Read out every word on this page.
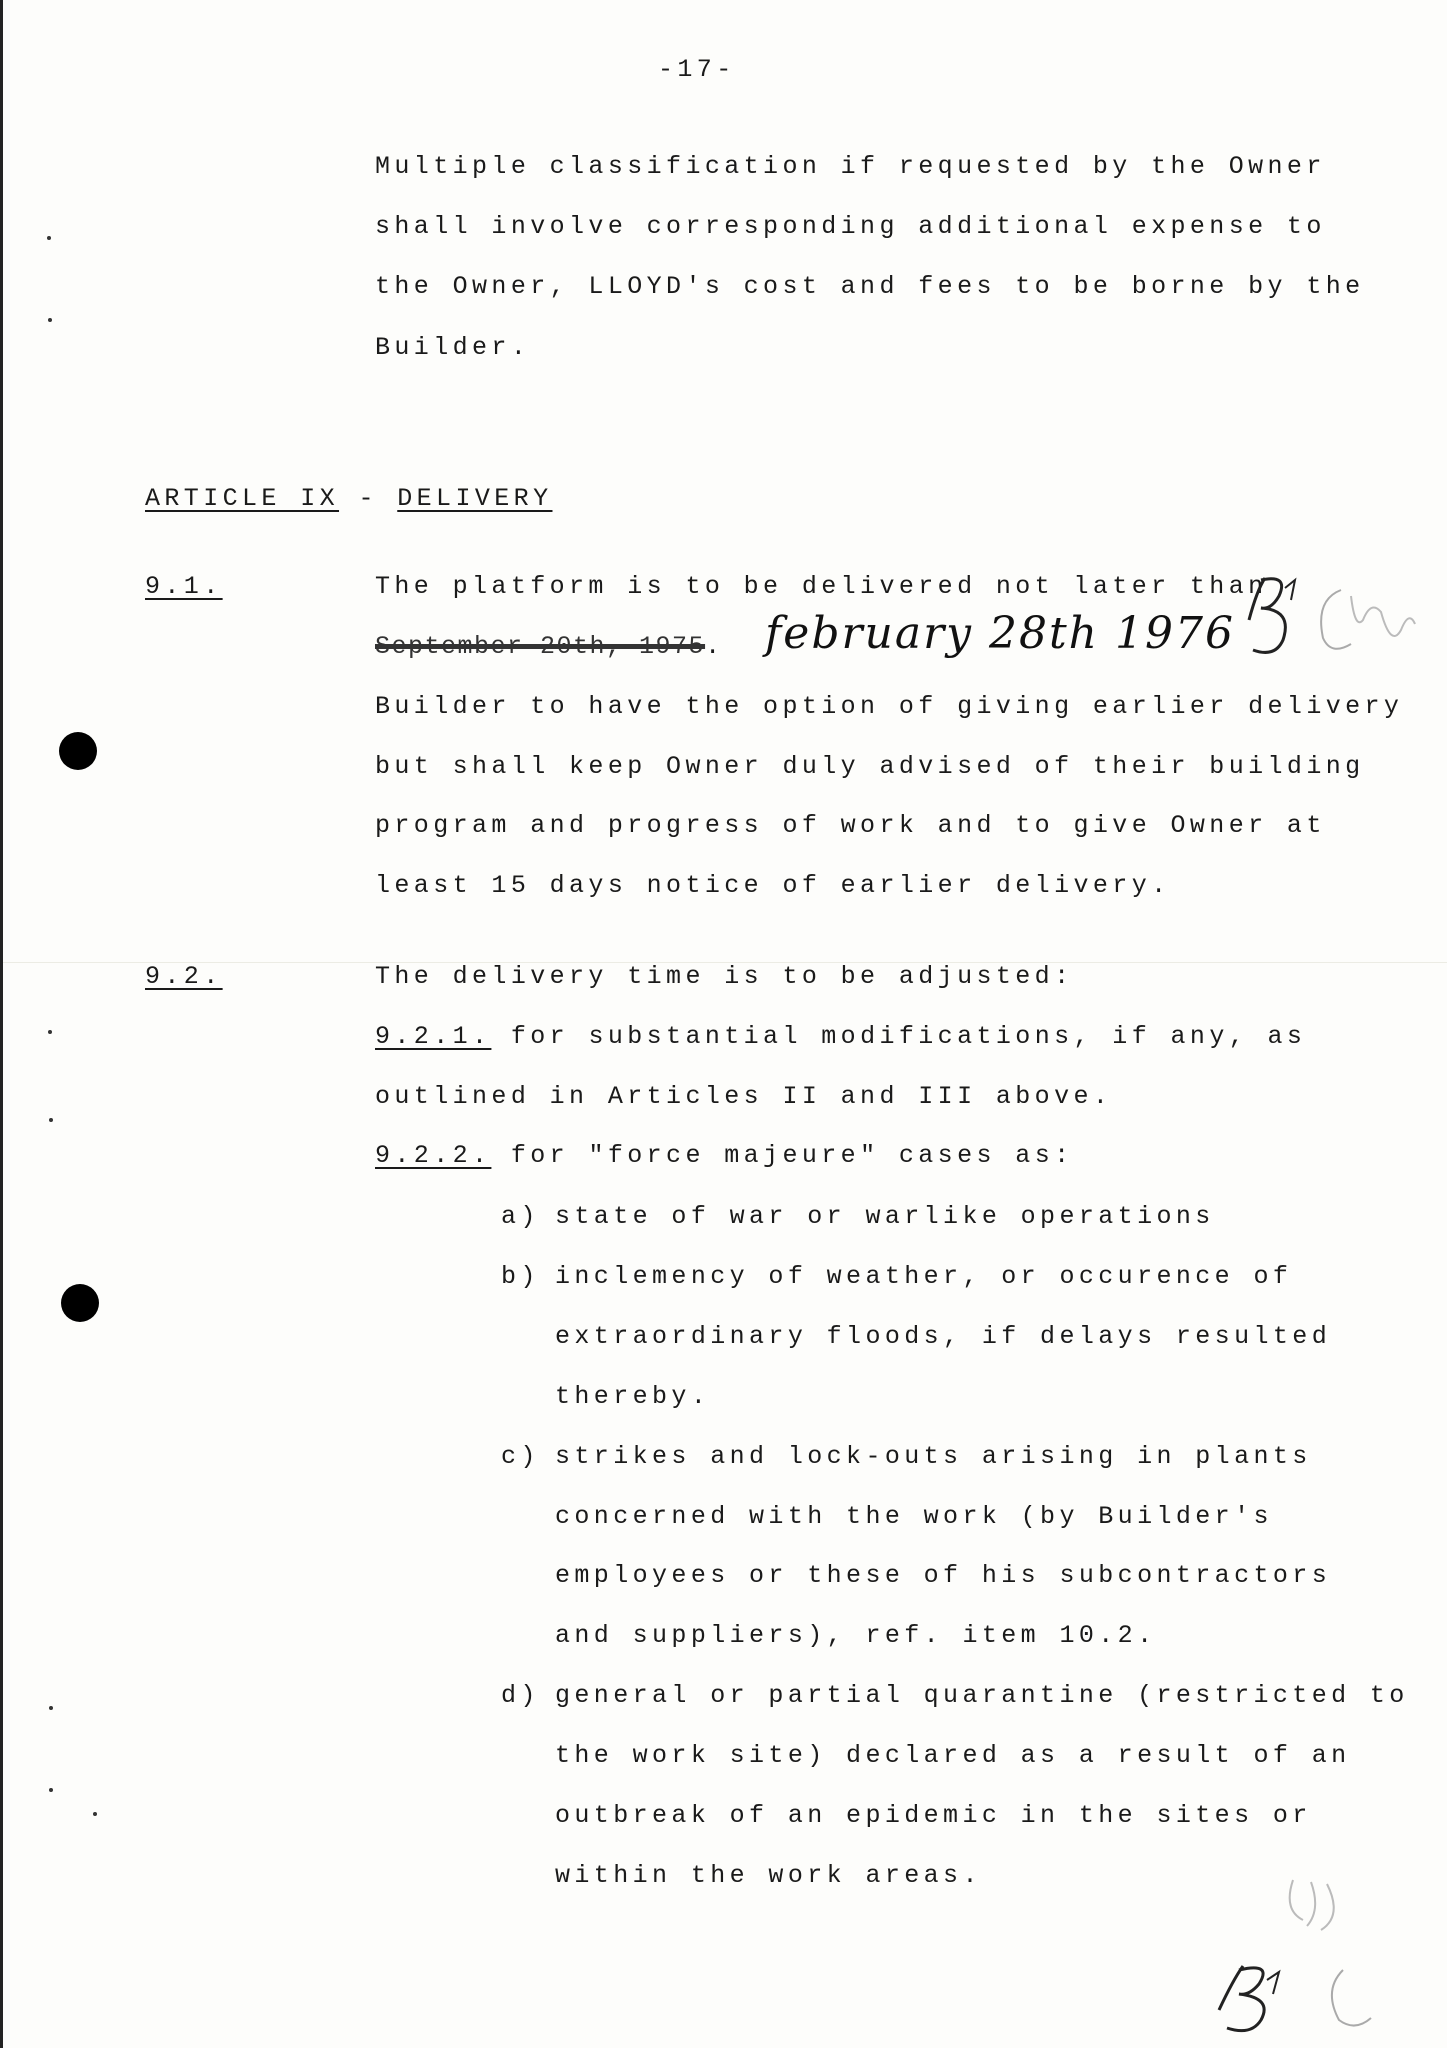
-17-
Multiple classification if requested by the Owner
shall involve corresponding additional expense to
the Owner, LLOYD's cost and fees to be borne by the
Builder.
ARTICLE IX - DELIVERY
9.1.	The platform is to be delivered not later than
September 20th, 1975. february 28th 1976
Builder to have the option of giving earlier delivery
but shall keep Owner duly advised of their building
program and progress of work and to give Owner at
least 15 days notice of earlier delivery.
9.2.	The delivery time is to be adjusted:
9.2.1. for substantial modifications, if any, as
outlined in Articles II and III above.
9.2.2. for "force majeure" cases as:
a) state of war or warlike operations
b) inclemency of weather, or occurence of
extraordinary floods, if delays resulted
thereby.
c) strikes and lock-outs arising in plants
concerned with the work (by Builder's
employees or these of his subcontractors
and suppliers), ref. item 10.2.
d) general or partial quarantine (restricted to
the work site) declared as a result of an
outbreak of an epidemic in the sites or
within the work areas.
